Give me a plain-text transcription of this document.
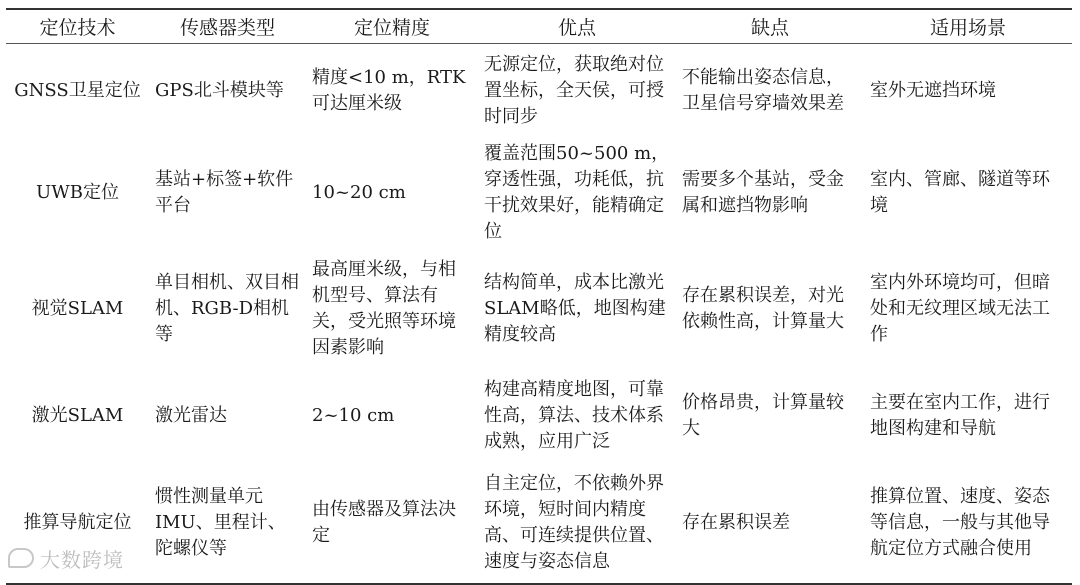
定位技术	传感器类型	定位精度	优点	缺点	适用场景
GNSS卫星定位	GPS北斗模块等	精度<10 m，RTK可达厘米级	无源定位，获取绝对位置坐标，全天侯，可授时同步	不能输出姿态信息，卫星信号穿墙效果差	室外无遮挡环境
UWB定位	基站+标签+软件平台	10~20 cm	覆盖范围50~500 m，穿透性强，功耗低，抗干扰效果好，能精确定位	需要多个基站，受金属和遮挡物影响	室内、管廊、隧道等环境
视觉SLAM	单目相机、双目相机、RGB-D相机等	最高厘米级，与相机型号、算法有关，受光照等环境因素影响	结构简单，成本比激光SLAM略低，地图构建精度较高	存在累积误差，对光依赖性高，计算量大	室内外环境均可，但暗处和无纹理区域无法工作
激光SLAM	激光雷达	2~10 cm	构建高精度地图，可靠性高，算法、技术体系成熟，应用广泛	价格昂贵，计算量较大	主要在室内工作，进行地图构建和导航
推算导航定位	惯性测量单元IMU、里程计、陀螺仪等	由传感器及算法决定	自主定位，不依赖外界环境，短时间内精度高、可连续提供位置、速度与姿态信息	存在累积误差	推算位置、速度、姿态等信息，一般与其他导航定位方式融合使用
大数跨境
